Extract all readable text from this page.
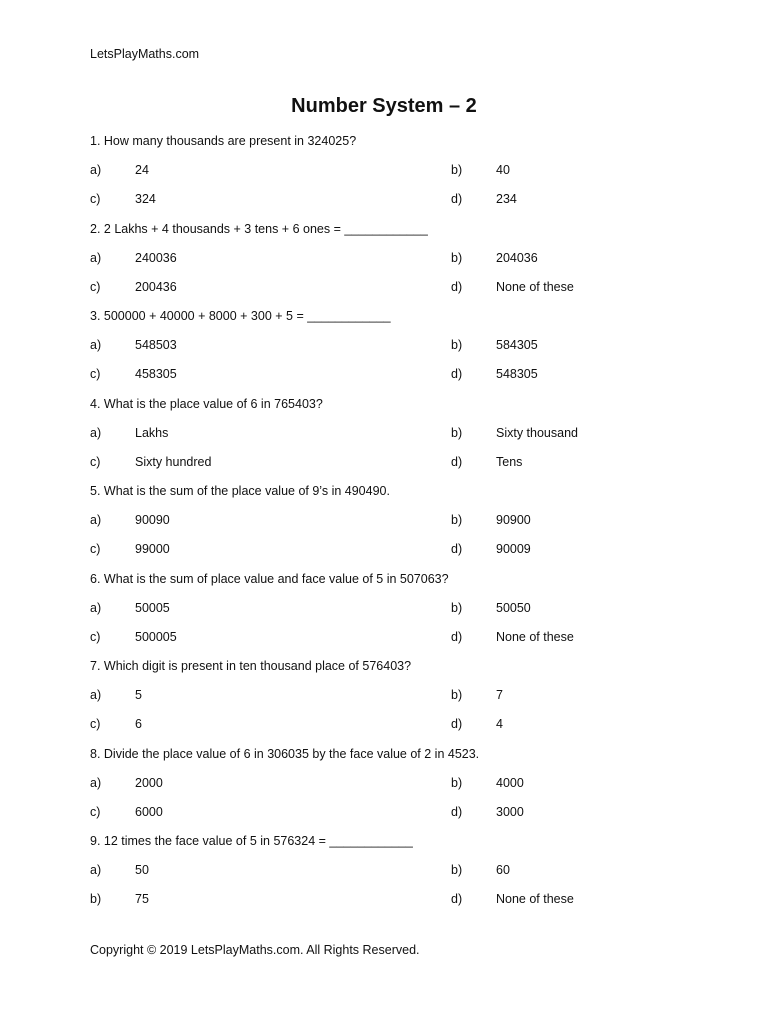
LetsPlayMaths.com
Number System – 2
1. How many thousands are present in 324025?
a)	24	b)	40
c)	324	d)	234
2. 2 Lakhs + 4 thousands + 3 tens + 6 ones = ____________
a)	240036	b)	204036
c)	200436	d)	None of these
3. 500000 + 40000 + 8000 + 300 + 5 = ____________
a)	548503	b)	584305
c)	458305	d)	548305
4. What is the place value of 6 in 765403?
a)	Lakhs	b)	Sixty thousand
c)	Sixty hundred	d)	Tens
5. What is the sum of the place value of 9’s in 490490.
a)	90090	b)	90900
c)	99000	d)	90009
6. What is the sum of place value and face value of 5 in 507063?
a)	50005	b)	50050
c)	500005	d)	None of these
7. Which digit is present in ten thousand place of 576403?
a)	5	b)	7
c)	6	d)	4
8. Divide the place value of 6 in 306035 by the face value of 2 in 4523.
a)	2000	b)	4000
c)	6000	d)	3000
9. 12 times the face value of 5 in 576324 = ____________
a)	50	b)	60
b)	75	d)	None of these
Copyright © 2019 LetsPlayMaths.com. All Rights Reserved.
